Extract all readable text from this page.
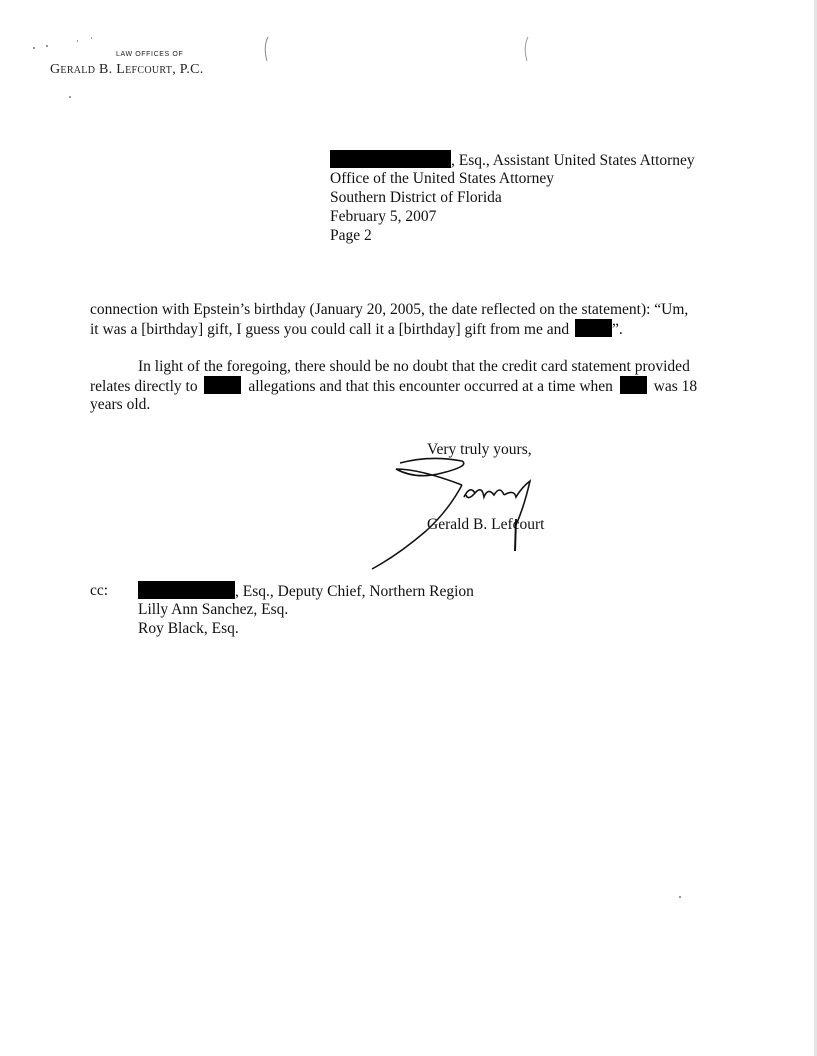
LAW OFFICES OF
Gerald B. Lefcourt, P.C.
, Esq., Assistant United States Attorney
Office of the United States Attorney
Southern District of Florida
February 5, 2007
Page 2
connection with Epstein’s birthday (January 20, 2005, the date reflected on the statement): “Um,
it was a [birthday] gift, I guess you could call it a [birthday] gift from me and	”.
In light of the foregoing, there should be no doubt that the credit card statement provided
relates directly to	allegations and that this encounter occurred at a time when	was 18
years old.
Very truly yours,
Gerald B. Lefcourt
cc:	, Esq., Deputy Chief, Northern Region
Lilly Ann Sanchez, Esq.
Roy Black, Esq.
